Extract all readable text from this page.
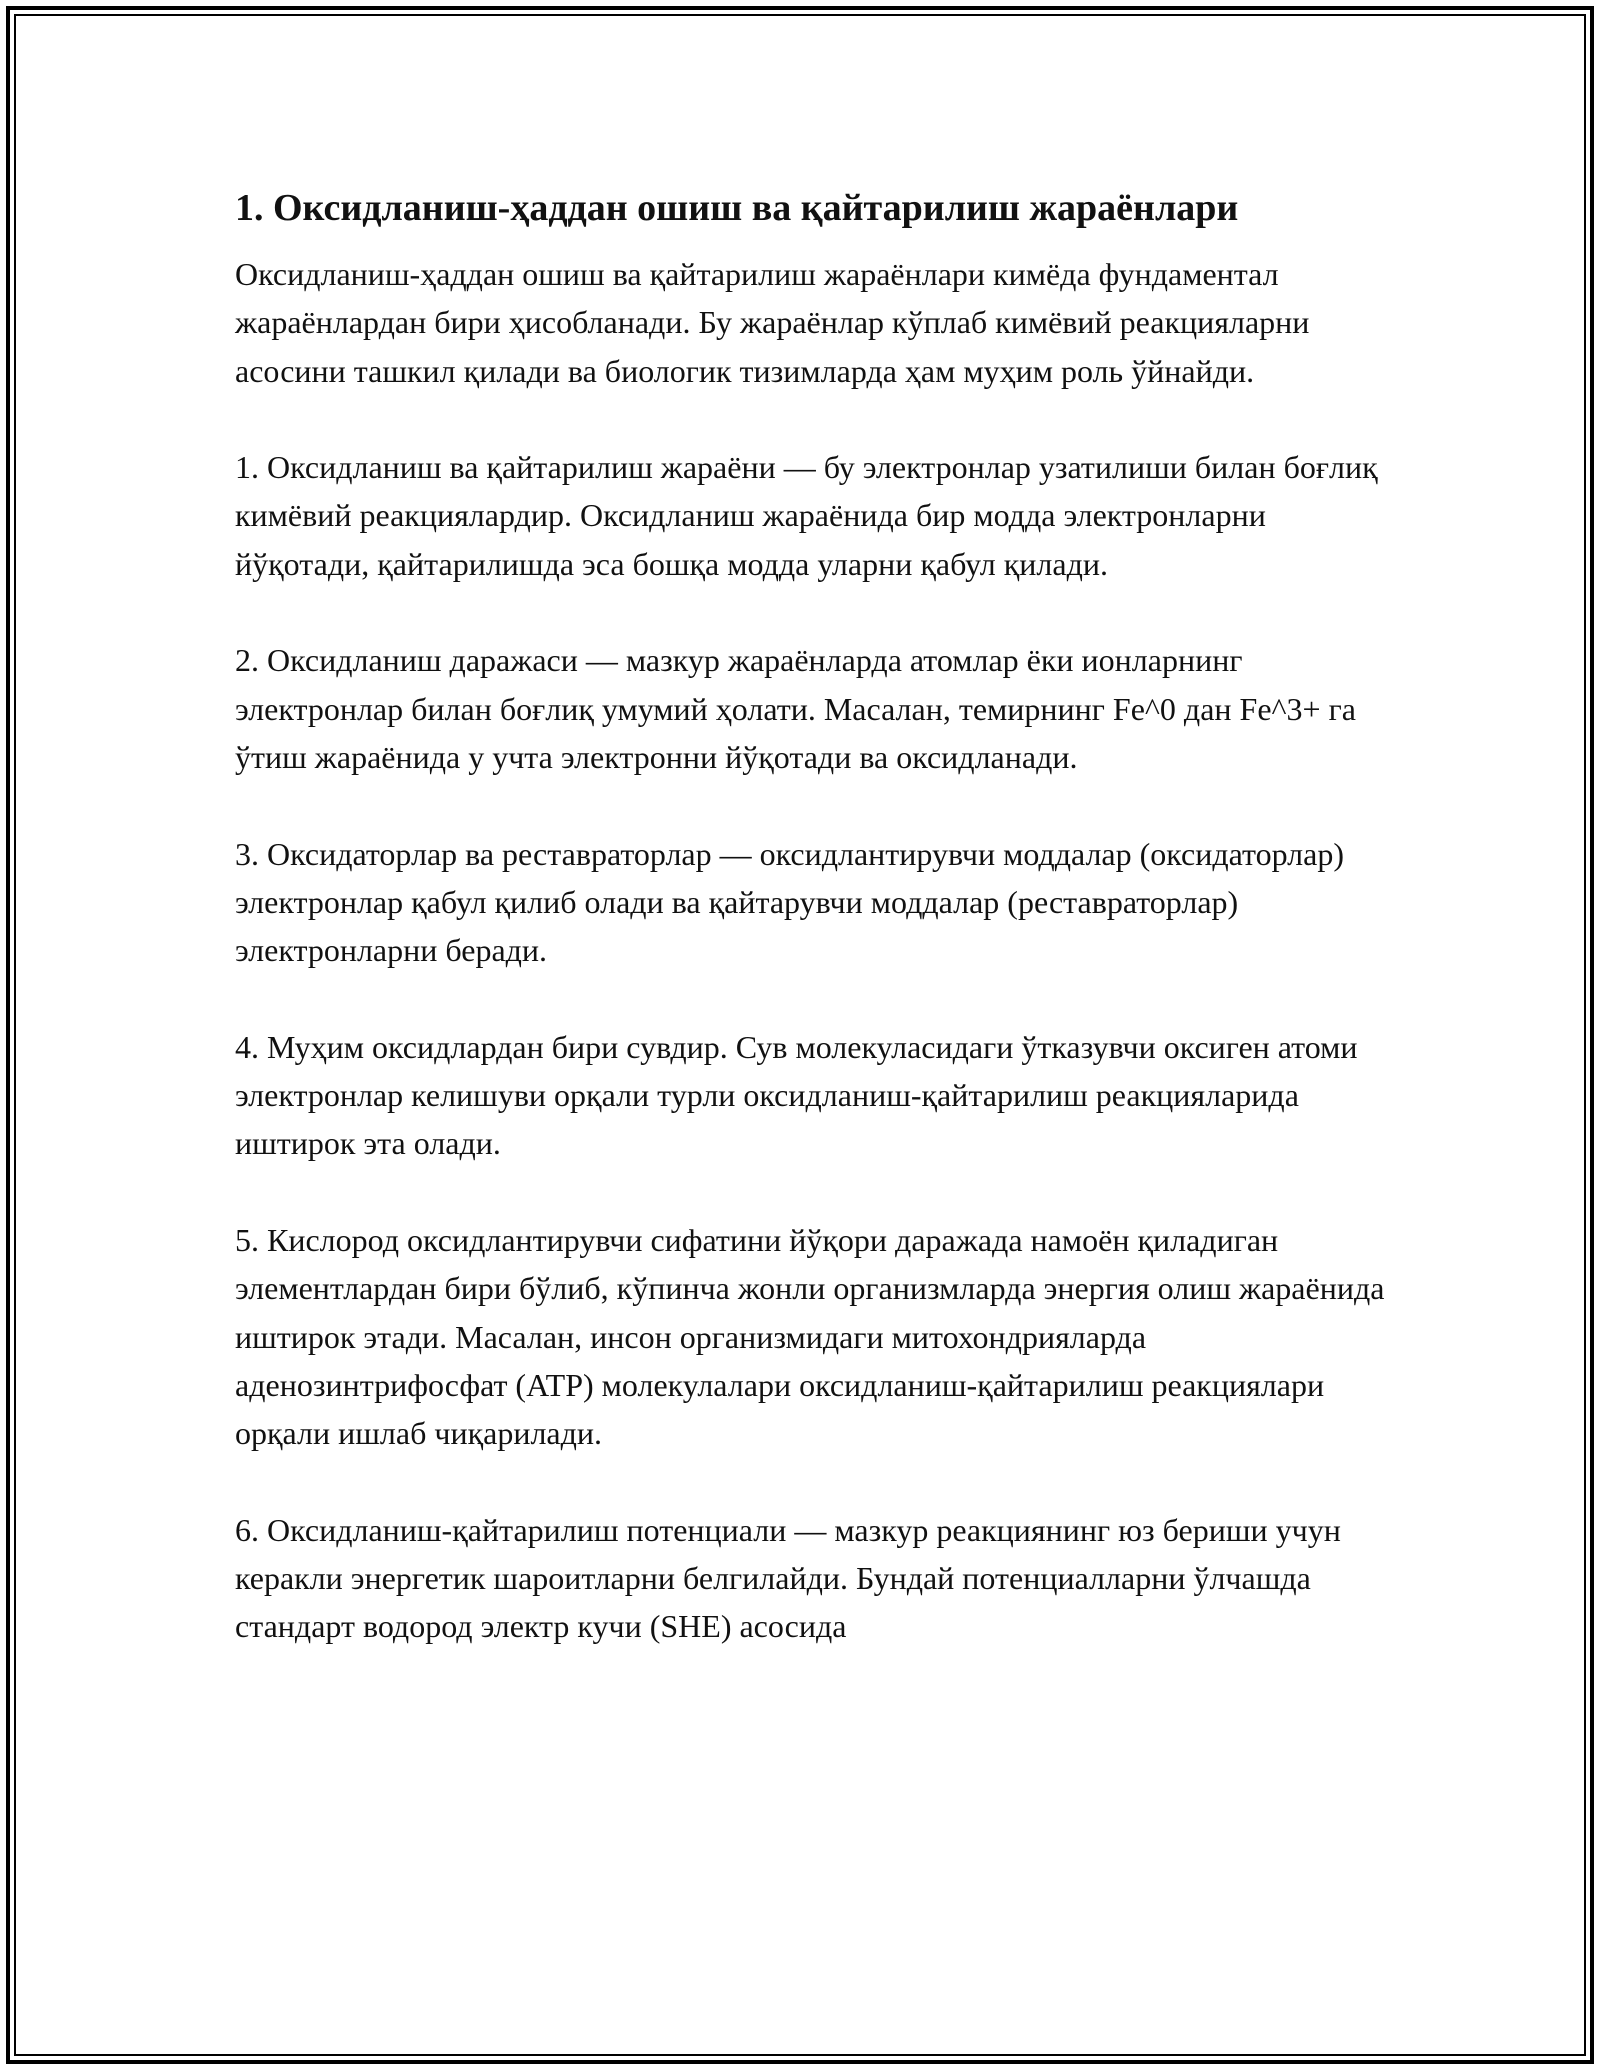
1. Оксидланиш-ҳаддан ошиш ва қайтарилиш жараёнлари

Оксидланиш-ҳаддан ошиш ва қайтарилиш жараёнлари кимёда фундаментал жараёнлардан бири ҳисобланади. Бу жараёнлар кўплаб кимёвий реакцияларни асосини ташкил қилади ва биологик тизимларда ҳам муҳим роль ўйнайди.

1. Оксидланиш ва қайтарилиш жараёни — бу электронлар узатилиши билан боғлиқ кимёвий реакциялардир. Оксидланиш жараёнида бир модда электронларни йўқотади, қайтарилишда эса бошқа модда уларни қабул қилади.

2. Оксидланиш даражаси — мазкур жараёнларда атомлар ёки ионларнинг электронлар билан боғлиқ умумий ҳолати. Масалан, темирнинг Fe^0 дан Fe^3+ га ўтиш жараёнида у учта электронни йўқотади ва оксидланади.

3. Оксидаторлар ва реставраторлар — оксидлантирувчи моддалар (оксидаторлар) электронлар қабул қилиб олади ва қайтарувчи моддалар (реставраторлар) электронларни беради.

4. Муҳим оксидлардан бири сувдир. Сув молекуласидаги ўтказувчи оксиген атоми электронлар келишуви орқали турли оксидланиш-қайтарилиш реакцияларида иштирок эта олади.

5. Кислород оксидлантирувчи сифатини йўқори даражада намоён қиладиган элементлардан бири бўлиб, кўпинча жонли организмларда энергия олиш жараёнида иштирок этади. Масалан, инсон организмидаги митохондрияларда аденозинтрифосфат (ATP) молекулалари оксидланиш-қайтарилиш реакциялари орқали ишлаб чиқарилади.

6. Оксидланиш-қайтарилиш потенциали — мазкур реакциянинг юз бериши учун керакли энергетик шароитларни белгилайди. Бундай потенциалларни ўлчашда стандарт водород электр кучи (SHE) асосида
